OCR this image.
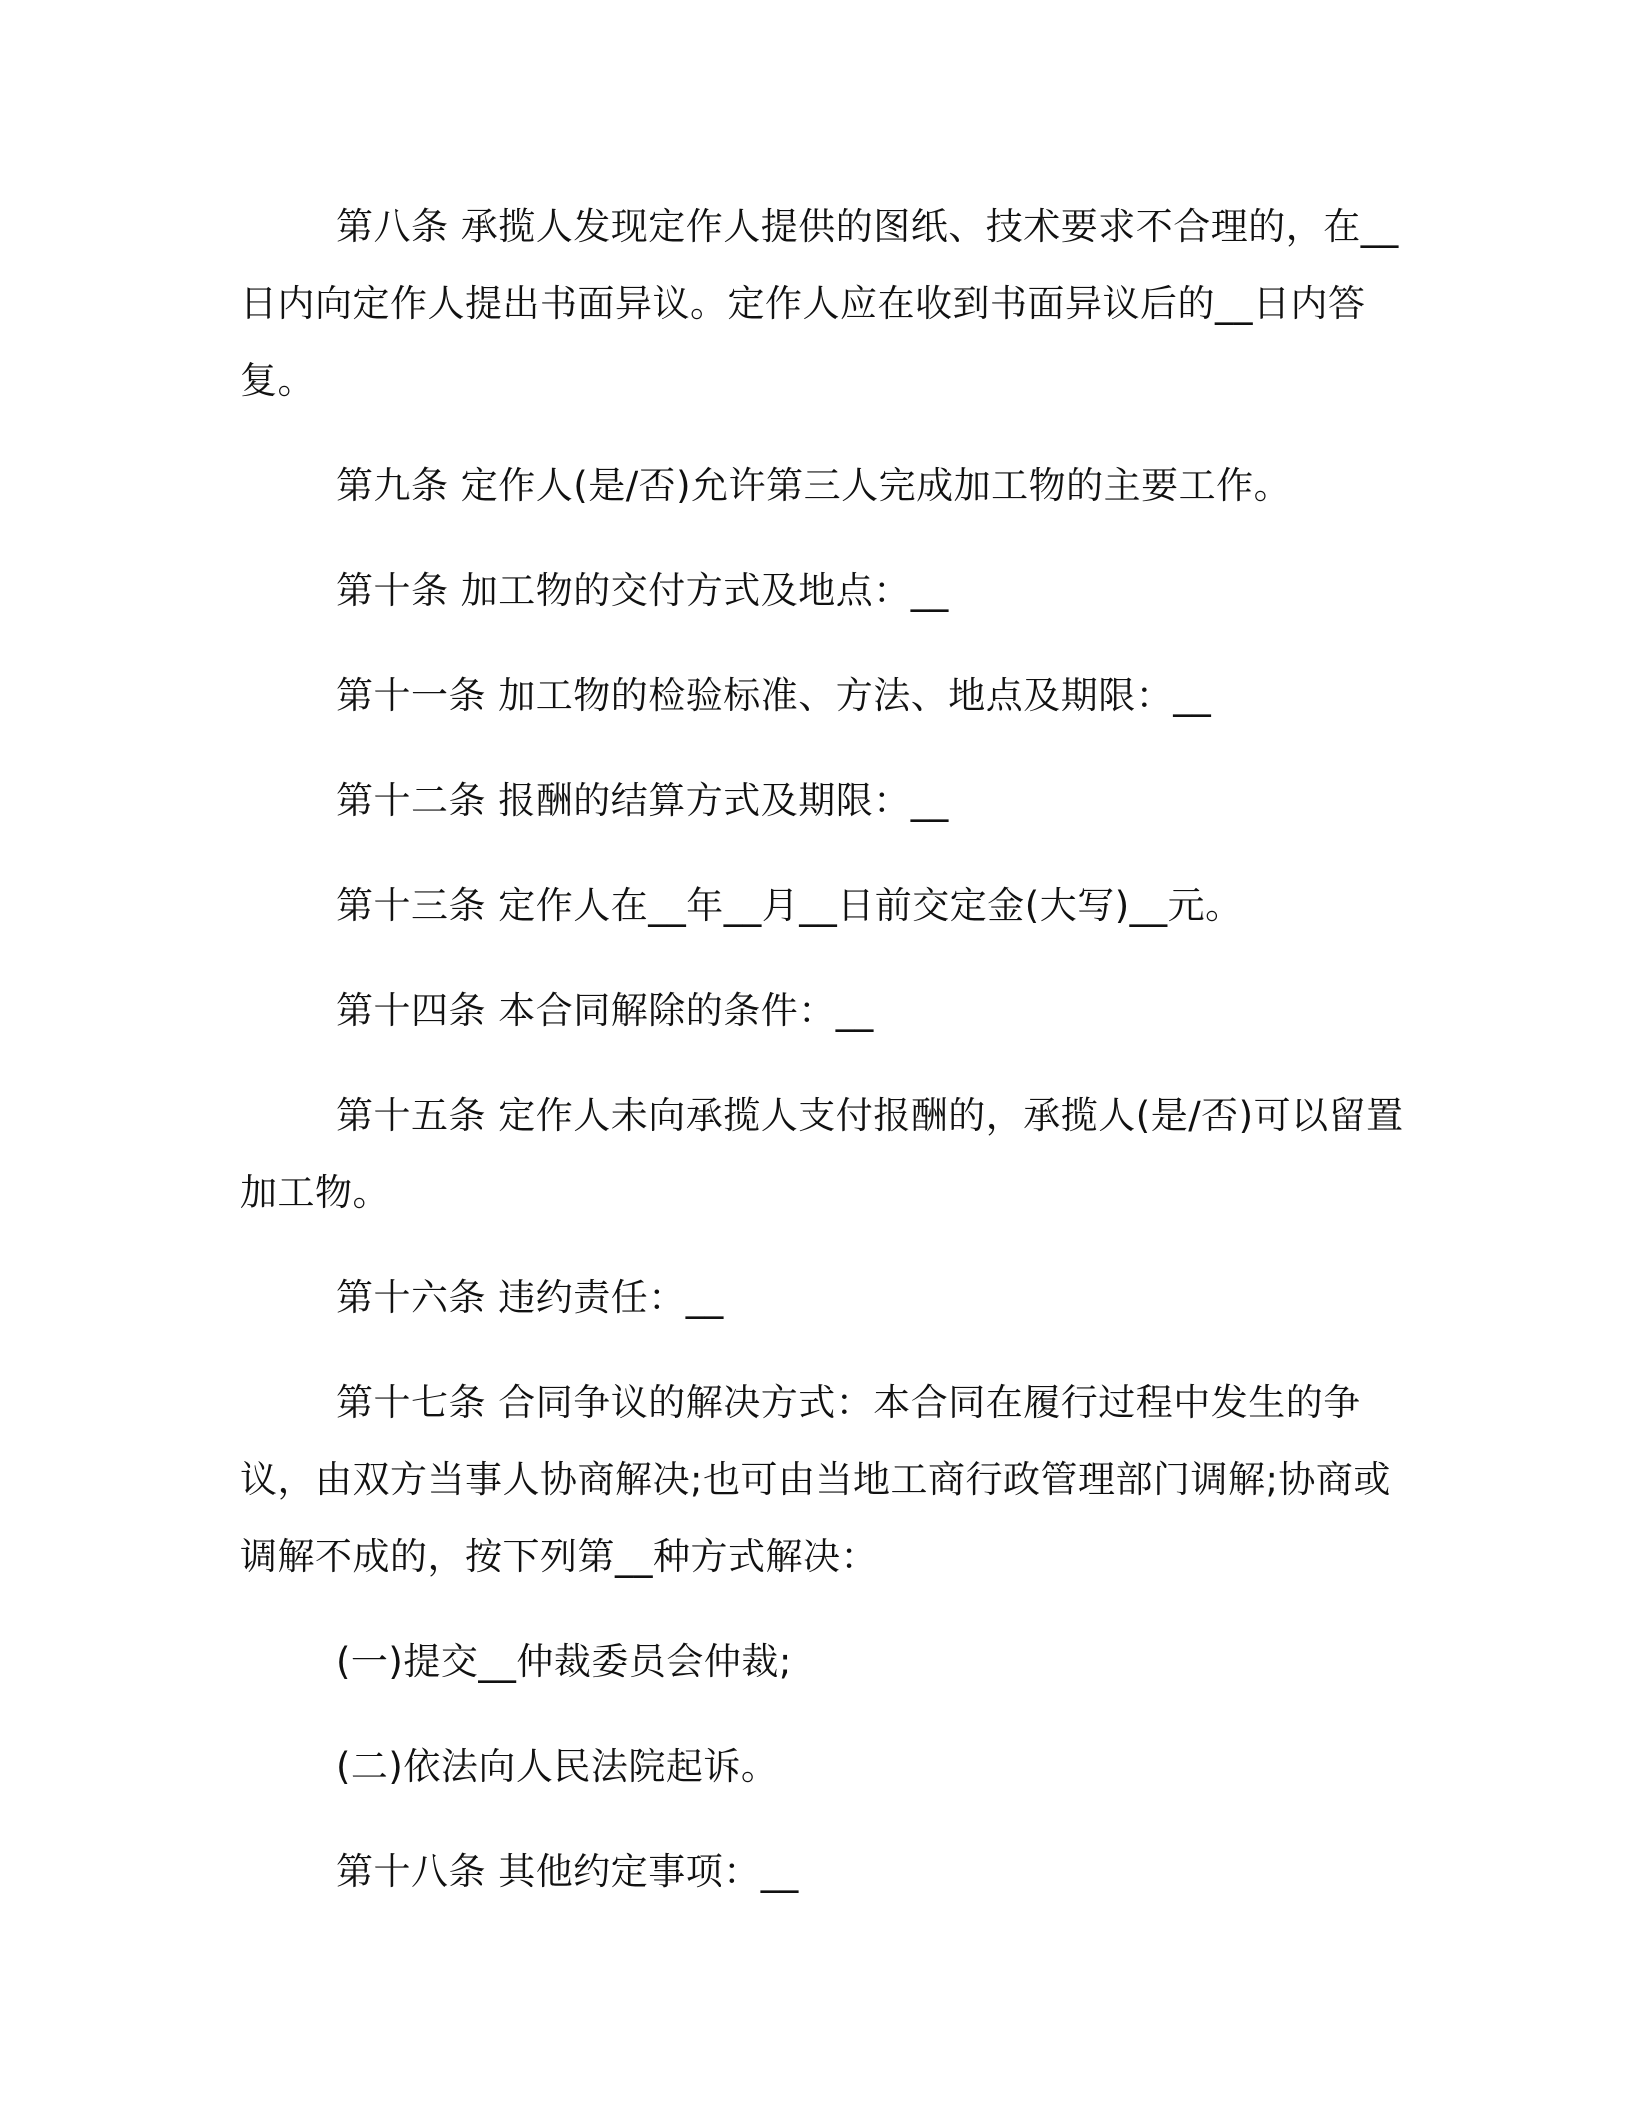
第八条 承揽人发现定作人提供的图纸、技术要求不合理的，在__日内向定作人提出书面异议。定作人应在收到书面异议后的__日内答复。

第九条 定作人(是/否)允许第三人完成加工物的主要工作。

第十条 加工物的交付方式及地点：__

第十一条 加工物的检验标准、方法、地点及期限：__

第十二条 报酬的结算方式及期限：__

第十三条 定作人在__年__月__日前交定金(大写)__元。

第十四条 本合同解除的条件：__

第十五条 定作人未向承揽人支付报酬的，承揽人(是/否)可以留置加工物。

第十六条 违约责任：__

第十七条 合同争议的解决方式：本合同在履行过程中发生的争议，由双方当事人协商解决;也可由当地工商行政管理部门调解;协商或调解不成的，按下列第__种方式解决：

(一)提交__仲裁委员会仲裁;

(二)依法向人民法院起诉。

第十八条 其他约定事项：__
